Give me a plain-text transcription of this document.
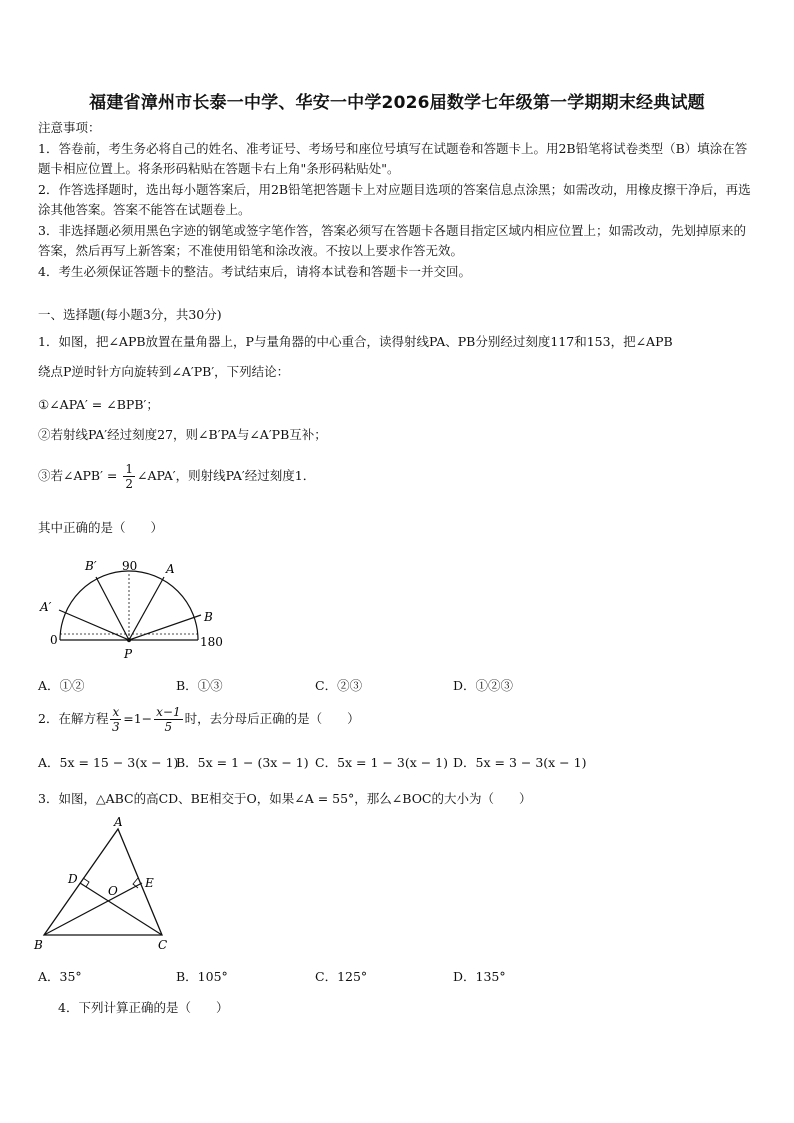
福建省漳州市长泰一中学、华安一中学2026届数学七年级第一学期期末经典试题

注意事项：

1．答卷前，考生务必将自己的姓名、准考证号、考场号和座位号填写在试题卷和答题卡上。用2B铅笔将试卷类型（B）填涂在答题卡相应位置上。将条形码粘贴在答题卡右上角"条形码粘贴处"。

2．作答选择题时，选出每小题答案后，用2B铅笔把答题卡上对应题目选项的答案信息点涂黑；如需改动，用橡皮擦干净后，再选涂其他答案。答案不能答在试题卷上。

3．非选择题必须用黑色字迹的钢笔或签字笔作答，答案必须写在答题卡各题目指定区域内相应位置上；如需改动，先划掉原来的答案，然后再写上新答案；不准使用铅笔和涂改液。不按以上要求作答无效。

4．考生必须保证答题卡的整洁。考试结束后，请将本试卷和答题卡一并交回。

一、选择题(每小题3分，共30分)
1．如图，把∠APB放置在量角器上，P与量角器的中心重合，读得射线PA、PB分别经过刻度117和153，把∠APB
绕点P逆时针方向旋转到∠A′PB′，下列结论：
①∠APA′ = ∠BPB′；
②若射线PA′经过刻度27，则∠B′PA与∠A′PB互补；
③若∠APB′ = $\frac{1}{2}$ ∠APA′，则射线PA′经过刻度1．
其中正确的是（　　）
90
0	180
A
B
A′
B′
P
A．①②	B．①③	C．②③	D．①②③
2．在解方程 $\frac{x}{3} =1- \frac{x-1}{5}$ 时，去分母后正确的是（　　）
A．5x = 15 − 3(x − 1)
B．5x = 1 − (3x − 1) C．5x = 1 − 3(x − 1) D．5x = 3 − 3(x − 1)
3．如图，△ABC的高CD、BE相交于O，如果∠A = 55°，那么∠BOC的大小为（　　）
A
B	C
D	E
O
A．35°	B．105°	C．125°	D．135°
4．下列计算正确的是（　　）
